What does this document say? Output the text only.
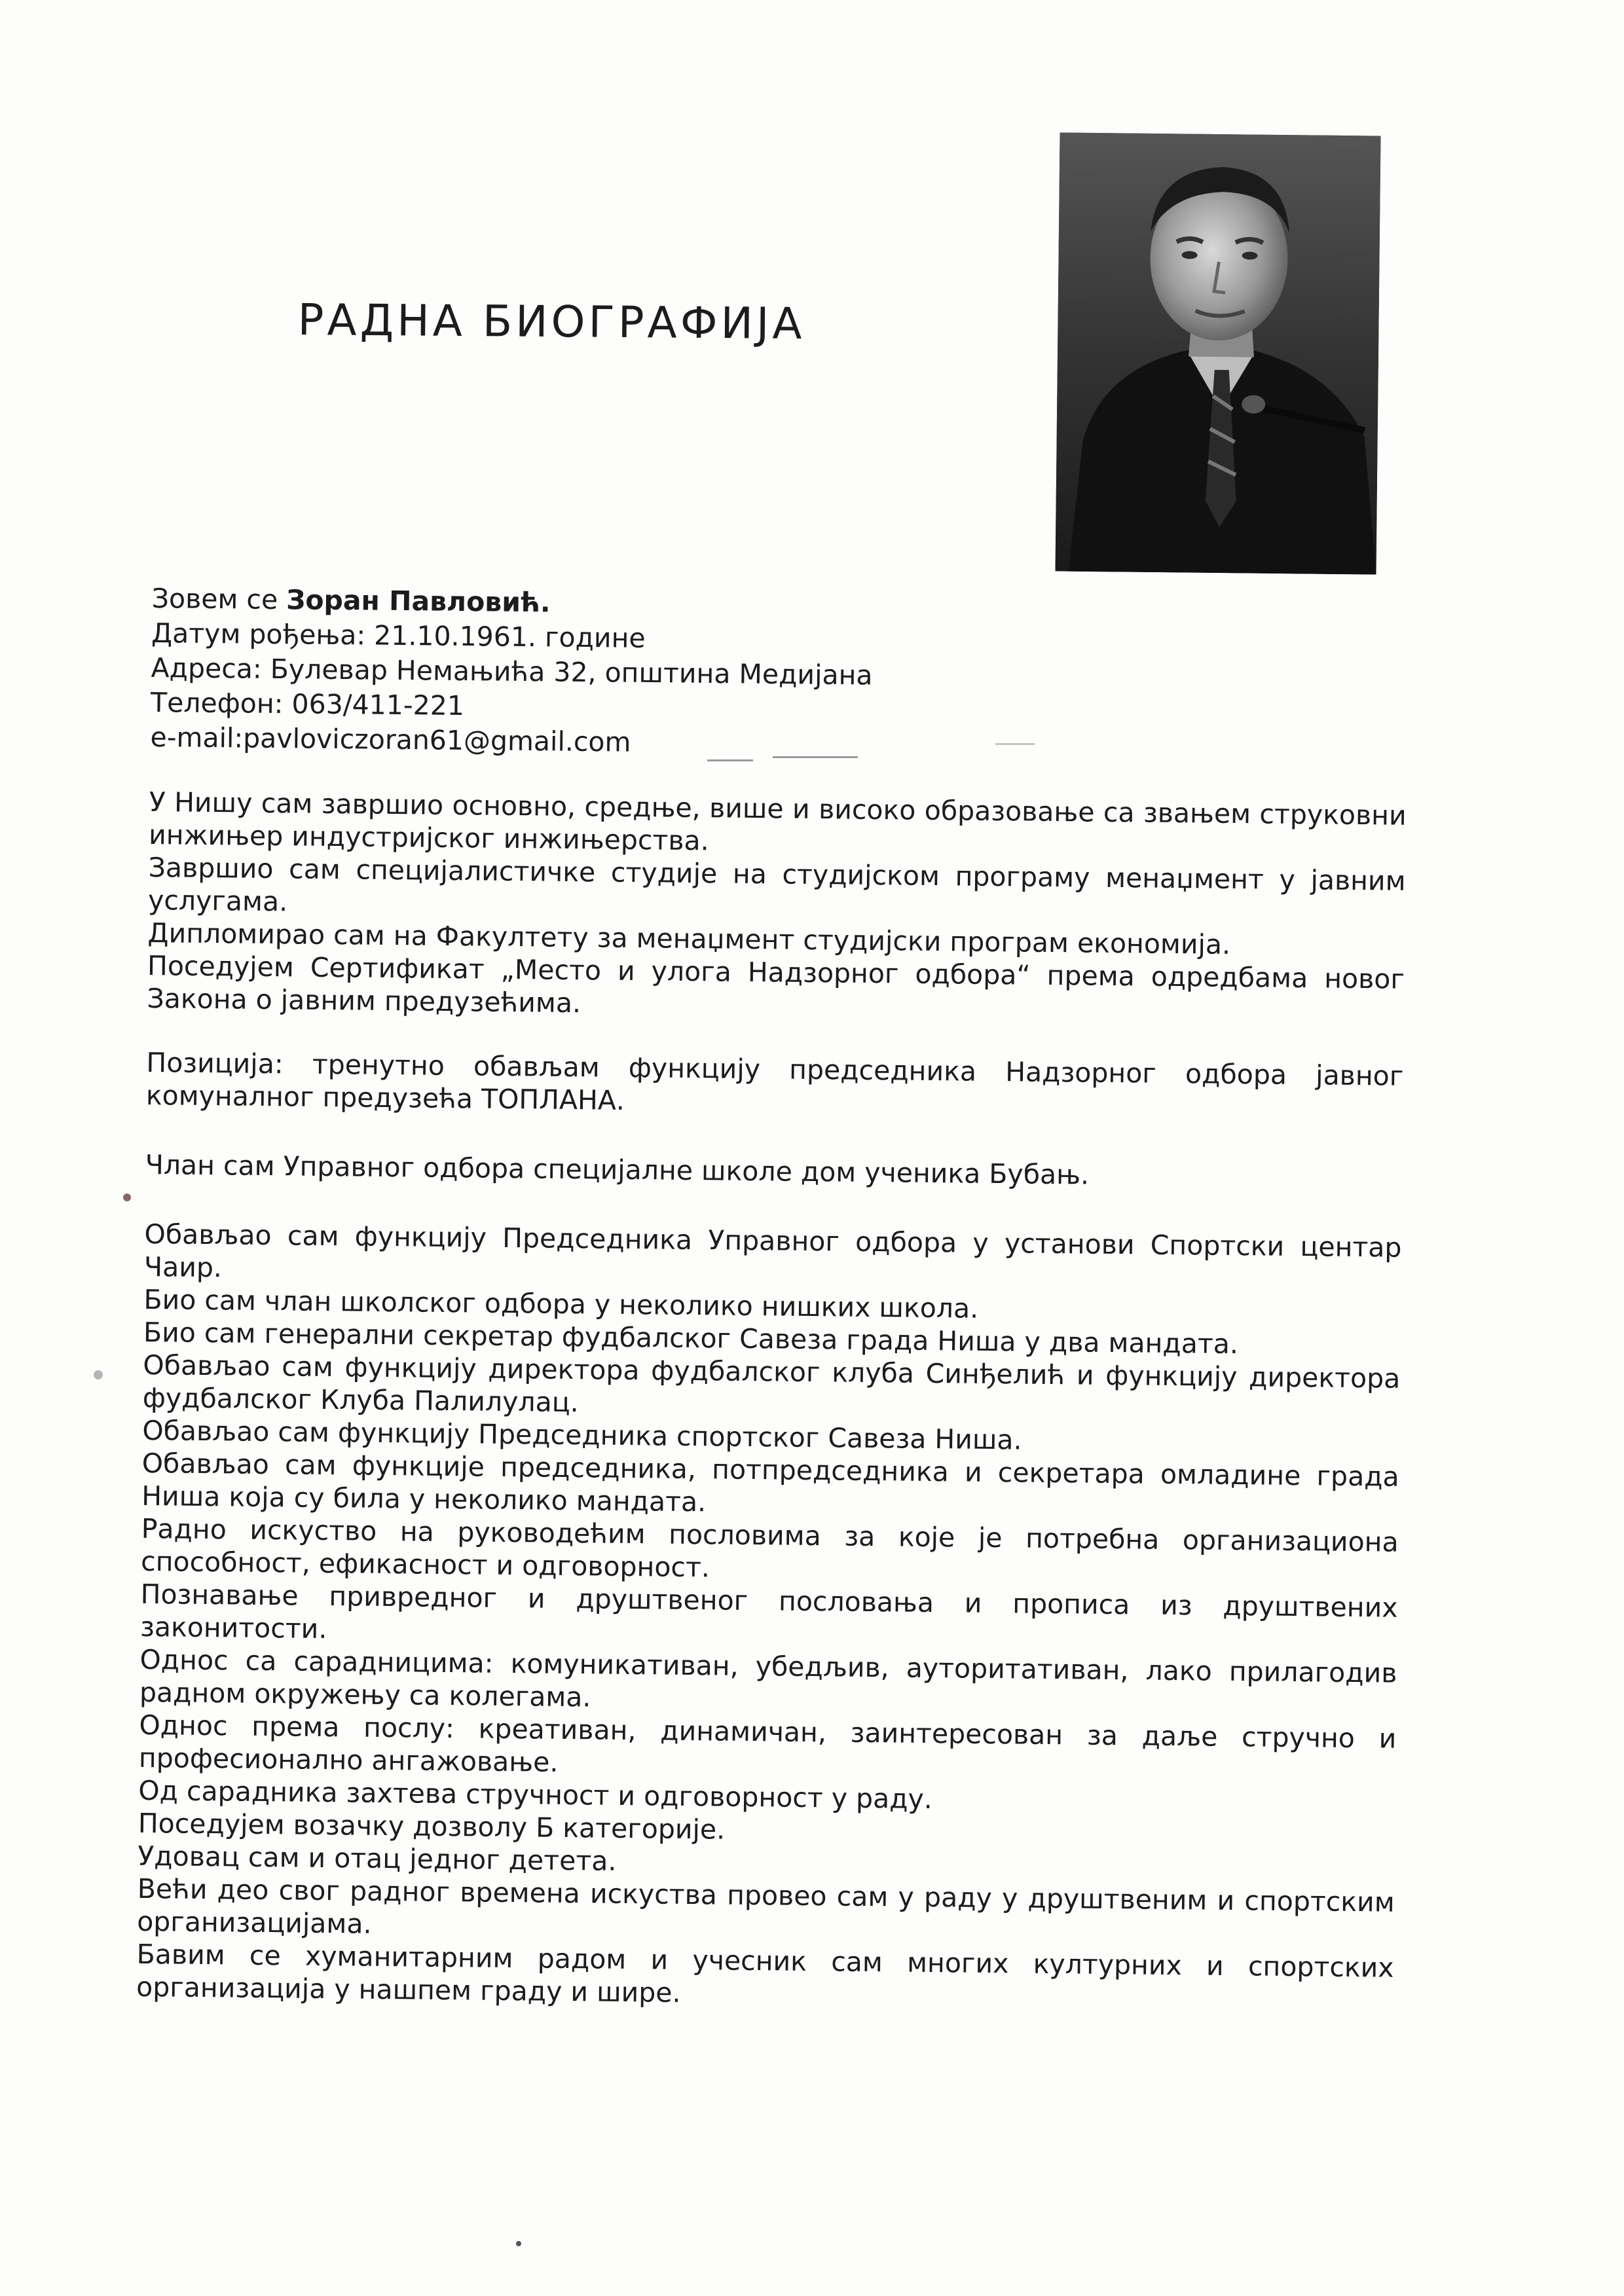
РАДНА БИОГРАФИЈА
Зовем се Зоран Павловић.
Датум рођења: 21.10.1961. године
Адреса: Булевар Немањића 32, општина Медијана
Телефон: 063/411-221
e-mail:pavloviczoran61@gmail.com

У Нишу сам завршио основно, средње, више и високо образовање са звањем струковни инжињер индустријског инжињерства.

Завршио сам специјалистичке студије на студијском програму менаџмент у јавним услугама.

Дипломирао сам на Факултету за менаџмент студијски програм економија.

Поседујем Сертификат „Место и улога Надзорног одбора“ према одредбама новог Закона о јавним предузећима.

Позиција: тренутно обављам функцију председника Надзорног одбора јавног комуналног предузећа ТОПЛАНА.

Члан сам Управног одбора специјалне школе дом ученика Бубањ.

Обављао сам функцију Председника Управног одбора у установи Спортски центар Чаир.

Био сам члан школског одбора у неколико нишких школа.

Био сам генерални секретар фудбалског Савеза града Ниша у два мандата.

Обављао сам функцију директора фудбалског клуба Синђелић и функцију директора фудбалског Клуба Палилулац.

Обављао сам функцију Председника спортског Савеза Ниша.

Обављао сам функције председника, потпредседника и секретара омладине града Ниша која су била у неколико мандата.

Радно искуство на руководећим пословима за које је потребна организациона способност, ефикасност и одговорност.

Познавање привредног и друштвеног пословања и прописа из друштвених законитости.

Однос са сарадницима: комуникативан, убедљив, ауторитативан, лако прилагодив радном окружењу са колегама.

Однос према послу: креативан, динамичан, заинтересован за даље стручно и професионално ангажовање.

Од сарадника захтева стручност и одговорност у раду.

Поседујем возачку дозволу Б категорије.

Удовац сам и отац једног детета.

Већи део свог радног времена искуства провео сам у раду у друштвеним и спортским организацијама.

Бавим се хуманитарним радом и учесник сам многих културних и спортских организација у нашпем граду и шире.
